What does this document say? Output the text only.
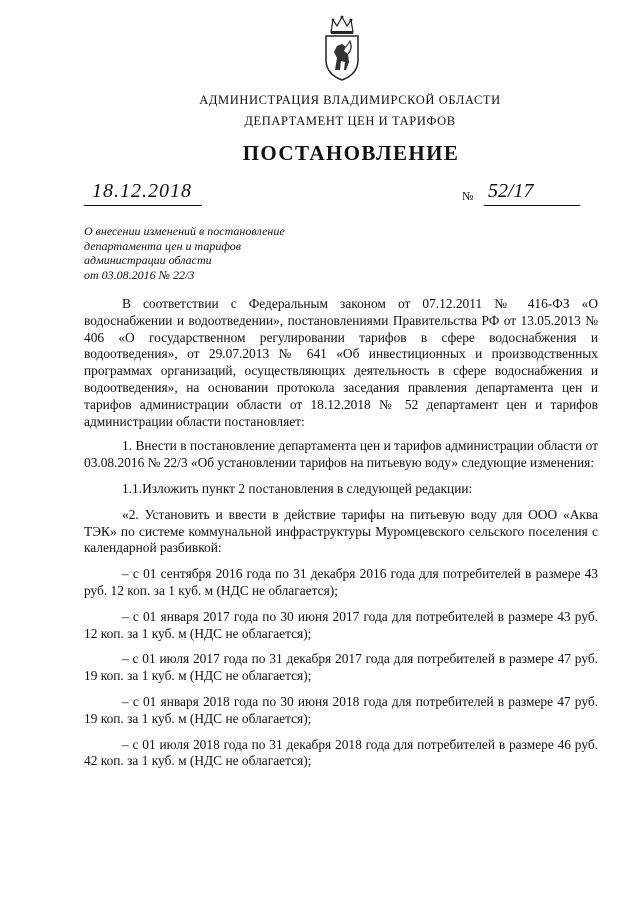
АДМИНИСТРАЦИЯ ВЛАДИМИРСКОЙ ОБЛАСТИ
ДЕПАРТАМЕНТ ЦЕН И ТАРИФОВ
ПОСТАНОВЛЕНИЕ
18.12.2018	№ 52/17
О внесении изменений в постановление
департамента цен и тарифов
администрации области
от 03.08.2016 № 22/3

В соответствии с Федеральным законом от 07.12.2011 № 416-ФЗ «О водоснабжении и водоотведении», постановлениями Правительства РФ от 13.05.2013 № 406 «О государственном регулировании тарифов в сфере водоснабжения и водоотведения», от 29.07.2013 № 641 «Об инвестиционных и производственных программах организаций, осуществляющих деятельность в сфере водоснабжения и водоотведения», на основании протокола заседания правления департамента цен и тарифов администрации области от 18.12.2018 № 52 департамент цен и тарифов администрации области постановляет:

1. Внести в постановление департамента цен и тарифов администрации области от 03.08.2016 № 22/3 «Об установлении тарифов на питьевую воду» следующие изменения:

1.1.Изложить пункт 2 постановления в следующей редакции:

«2. Установить и ввести в действие тарифы на питьевую воду для ООО «Аква ТЭК» по системе коммунальной инфраструктуры Муромцевского сельского поселения с календарной разбивкой:

– с 01 сентября 2016 года по 31 декабря 2016 года для потребителей в размере 43 руб. 12 коп. за 1 куб. м (НДС не облагается);

– с 01 января 2017 года по 30 июня 2017 года для потребителей в размере 43 руб. 12 коп. за 1 куб. м (НДС не облагается);

– с 01 июля 2017 года по 31 декабря 2017 года для потребителей в размере 47 руб. 19 коп. за 1 куб. м (НДС не облагается);

– с 01 января 2018 года по 30 июня 2018 года для потребителей в размере 47 руб. 19 коп. за 1 куб. м (НДС не облагается);

– с 01 июля 2018 года по 31 декабря 2018 года для потребителей в размере 46 руб. 42 коп. за 1 куб. м (НДС не облагается);
